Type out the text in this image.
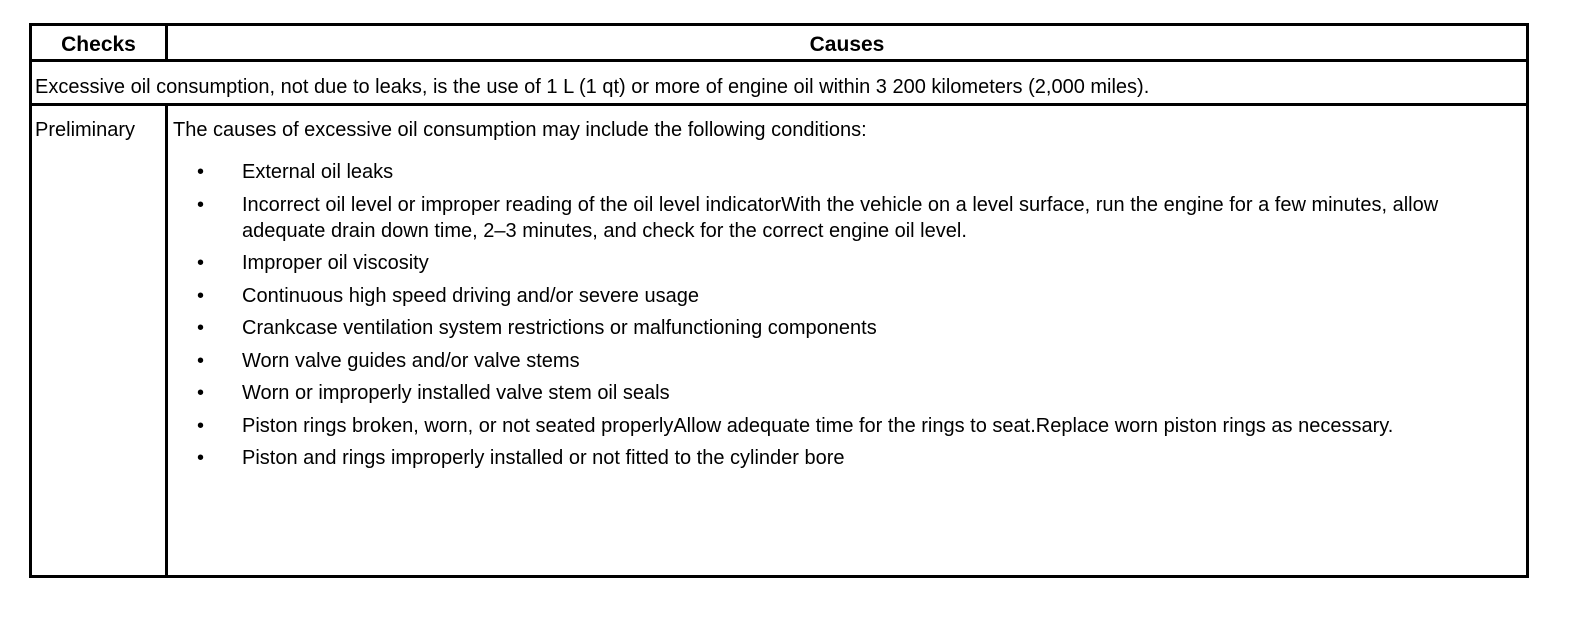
Checks	Causes
Excessive oil consumption, not due to leaks, is the use of 1 L (1 qt) or more of engine oil within 3 200 kilometers (2,000 miles).
Preliminary The causes of excessive oil consumption may include the following conditions:
• External oil leaks
• Incorrect oil level or improper reading of the oil level indicatorWith the vehicle on a level surface, run the engine for a few minutes, allow adequate drain down time, 2–3 minutes, and check for the correct engine oil level.
• Improper oil viscosity
• Continuous high speed driving and/or severe usage
• Crankcase ventilation system restrictions or malfunctioning components
• Worn valve guides and/or valve stems
• Worn or improperly installed valve stem oil seals
• Piston rings broken, worn, or not seated properlyAllow adequate time for the rings to seat.Replace worn piston rings as necessary.
• Piston and rings improperly installed or not fitted to the cylinder bore
